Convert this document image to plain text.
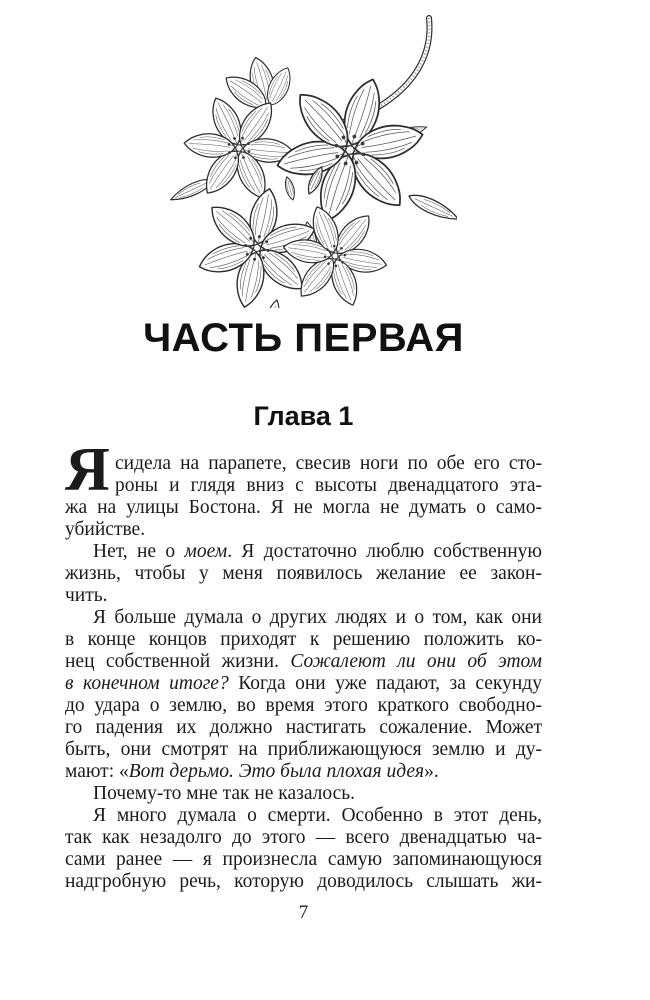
ЧАСТЬ ПЕРВАЯ
Глава 1
Я сидела на парапете, свесив ноги по обе его сто-
роны и глядя вниз с высоты двенадцатого эта-
жа на улицы Бостона. Я не могла не думать о само-
убийстве.
Нет, не о моем. Я достаточно люблю собственную
жизнь, чтобы у меня появилось желание ее закон-
чить.
Я больше думала о других людях и о том, как они
в конце концов приходят к решению положить ко-
нец собственной жизни. Сожалеют ли они об этом
в конечном итоге? Когда они уже падают, за секунду
до удара о землю, во время этого краткого свободно-
го падения их должно настигать сожаление. Может
быть, они смотрят на приближающуюся землю и ду-
мают: «Вот дерьмо. Это была плохая идея».
Почему-то мне так не казалось.
Я много думала о смерти. Особенно в этот день,
так как незадолго до этого — всего двенадцатью ча-
сами ранее — я произнесла самую запоминающуюся
надгробную речь, которую доводилось слышать жи-
7
